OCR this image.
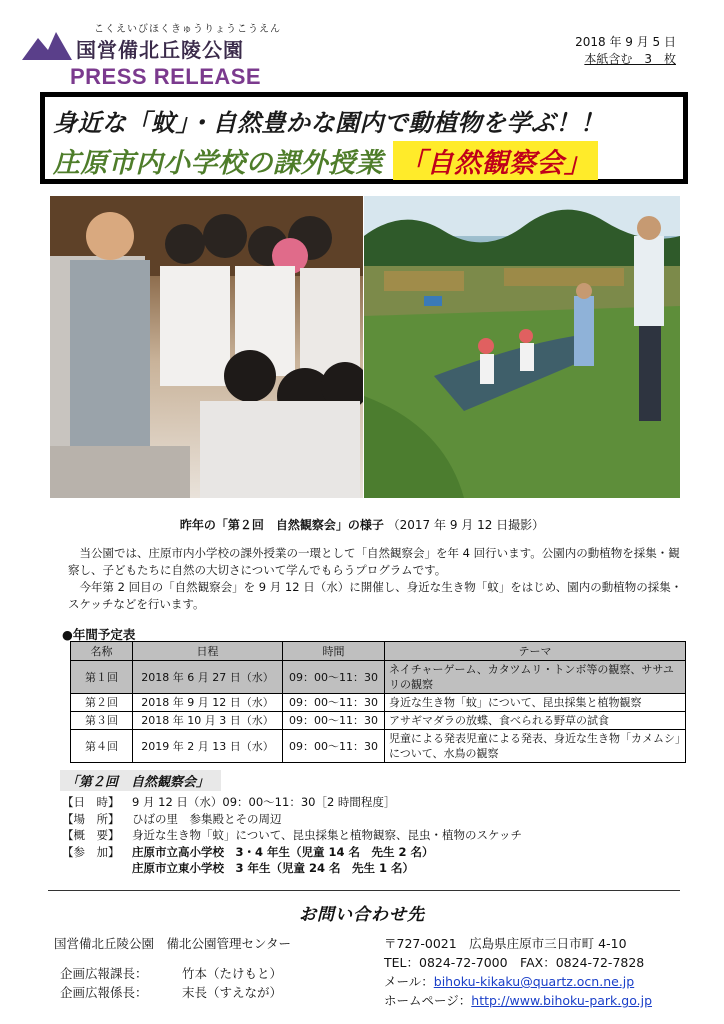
こくえいびほくきゅうりょうこうえん
国営備北丘陵公園
PRESS RELEASE
2018 年 9 月 5 日
本紙含む　3　枚
身近な「蚊」・自然豊かな園内で動植物を学ぶ！！
庄原市内小学校の課外授業 「自然観察会」
昨年の「第２回　自然観察会」の様子 （2017 年 9 月 12 日撮影）

当公園では、庄原市内小学校の課外授業の一環として「自然観察会」を年 4 回行います。公園内の動植物を採集・観察し、子どもたちに自然の大切さについて学んでもらうプログラムです。

今年第 2 回目の「自然観察会」を 9 月 12 日（水）に開催し、身近な生き物「蚊」をはじめ、園内の動植物の採集・スケッチなどを行います。

●年間予定表
名称	日程	時間	テーマ
第１回	2018 年 6 月 27 日（水）	09：00～11：30	ネイチャーゲーム、カタツムリ・トンボ等の観察、ササユリの観察
第２回	2018 年 9 月 12 日（水）	09：00～11：30	身近な生き物「蚊」について、昆虫採集と植物観察
第３回	2018 年 10 月 3 日（水）	09：00～11：30	アサギマダラの放蝶、食べられる野草の試食
第４回	2019 年 2 月 13 日（水）	09：00～11：30	児童による発表児童による発表、身近な生き物「カメムシ」について、水鳥の観察
「第２回　自然観察会」
【日　時】	9 月 12 日（水）09：00～11：30［2 時間程度］
【場　所】	ひばの里　参集殿とその周辺
【概　要】	身近な生き物「蚊」について、昆虫採集と植物観察、昆虫・植物のスケッチ
【参　加】	庄原市立高小学校　3・4 年生（児童 14 名　先生 2 名）
庄原市立東小学校　3 年生（児童 24 名　先生 1 名）
お問い合わせ先
国営備北丘陵公園　備北公園管理センター
企画広報課長：	竹本（たけもと）
企画広報係長：	末長（すえなが）
〒727-0021　広島県庄原市三日市町 4-10
TEL：0824-72-7000　FAX：0824-72-7828
メール：bihoku-kikaku@quartz.ocn.ne.jp
ホームページ：http://www.bihoku-park.go.jp
